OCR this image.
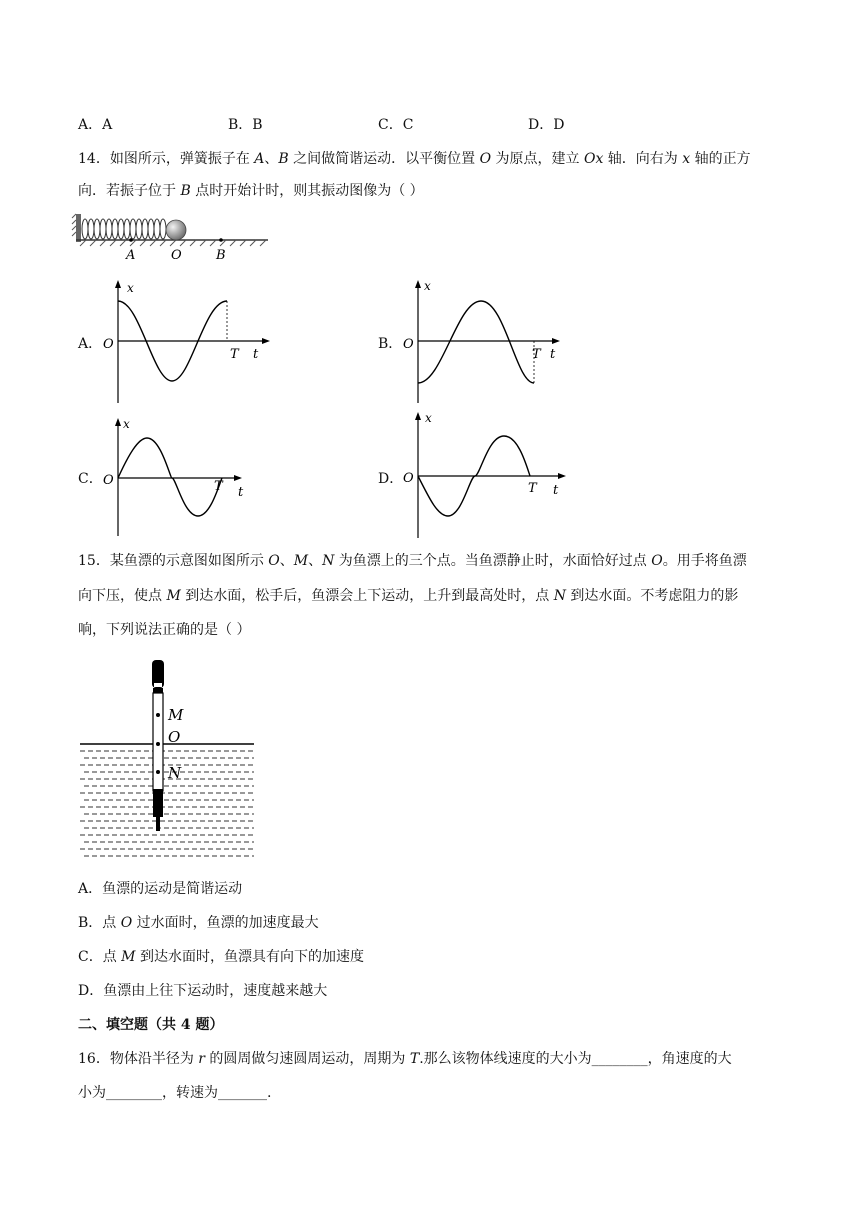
A．A	B．B	C．C	D．D
14．如图所示，弹簧振子在 A、B 之间做简谐运动．以平衡位置 O 为原点，建立 Ox 轴．向右为 x 轴的正方
向．若振子位于 B 点时开始计时，则其振动图像为（ ）
A	O	B
A．	B．
C．	D．
x
O
T t
x
O
T t
x
O	T t
x
O
T t
15．某鱼漂的示意图如图所示 O、M、N 为鱼漂上的三个点。当鱼漂静止时，水面恰好过点 O。用手将鱼漂
向下压，使点 M 到达水面，松手后，鱼漂会上下运动，上升到最高处时，点 N 到达水面。不考虑阻力的影
响，下列说法正确的是（ ）
M
O
N
A．鱼漂的运动是简谐运动
B．点 O 过水面时，鱼漂的加速度最大
C．点 M 到达水面时，鱼漂具有向下的加速度
D．鱼漂由上往下运动时，速度越来越大
二、填空题（共 4 题）
16．物体沿半径为 r 的圆周做匀速圆周运动，周期为 T.那么该物体线速度的大小为________，角速度的大
小为________，转速为_______.
